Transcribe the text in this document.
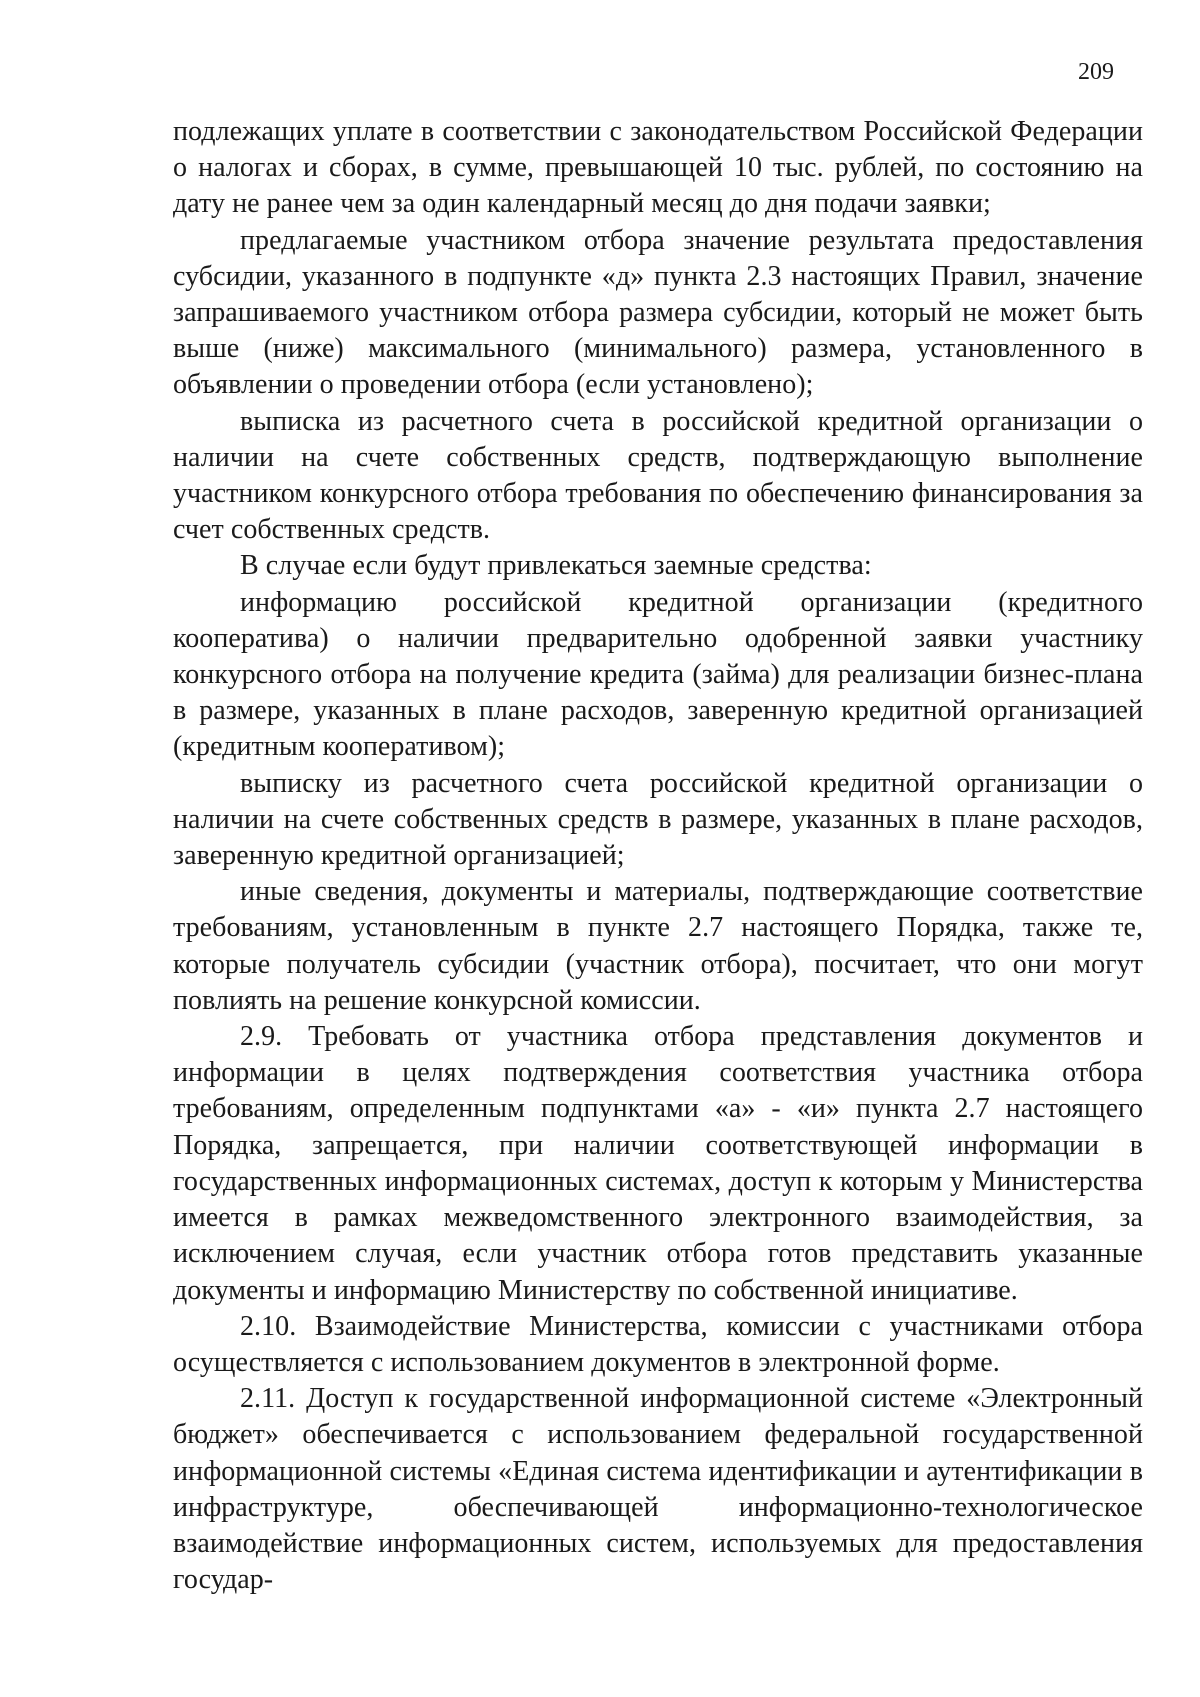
209

подлежащих уплате в соответствии с законодательством Российской Федерации о налогах и сборах, в сумме, превышающей 10 тыс. рублей, по состоянию на дату не ранее чем за один календарный месяц до дня подачи заявки;

предлагаемые участником отбора значение результата предоставления субсидии, указанного в подпункте «д» пункта 2.3 настоящих Правил, значение запрашиваемого участником отбора размера субсидии, который не может быть выше (ниже) максимального (минимального) размера, установленного в объявлении о проведении отбора (если установлено);

выписка из расчетного счета в российской кредитной организации о наличии на счете собственных средств, подтверждающую выполнение участником конкурсного отбора требования по обеспечению финансирования за счет собственных средств.

В случае если будут привлекаться заемные средства:

информацию российской кредитной организации (кредитного кооператива) о наличии предварительно одобренной заявки участнику конкурсного отбора на получение кредита (займа) для реализации бизнес-плана в размере, указанных в плане расходов, заверенную кредитной организацией (кредитным кооперативом);

выписку из расчетного счета российской кредитной организации о наличии на счете собственных средств в размере, указанных в плане расходов, заверенную кредитной организацией;

иные сведения, документы и материалы, подтверждающие соответствие требованиям, установленным в пункте 2.7 настоящего Порядка, также те, которые получатель субсидии (участник отбора), посчитает, что они могут повлиять на решение конкурсной комиссии.

2.9. Требовать от участника отбора представления документов и информации в целях подтверждения соответствия участника отбора требованиям, определенным подпунктами «а» - «и» пункта 2.7 настоящего Порядка, запрещается, при наличии соответствующей информации в государственных информационных системах, доступ к которым у Министерства имеется в рамках межведомственного электронного взаимодействия, за исключением случая, если участник отбора готов представить указанные документы и информацию Министерству по собственной инициативе.

2.10. Взаимодействие Министерства, комиссии с участниками отбора осуществляется с использованием документов в электронной форме.

2.11. Доступ к государственной информационной системе «Электронный бюджет» обеспечивается с использованием федеральной государственной информационной системы «Единая система идентификации и аутентификации в инфраструктуре, обеспечивающей информационно-технологическое взаимодействие информационных систем, используемых для предоставления государ-
